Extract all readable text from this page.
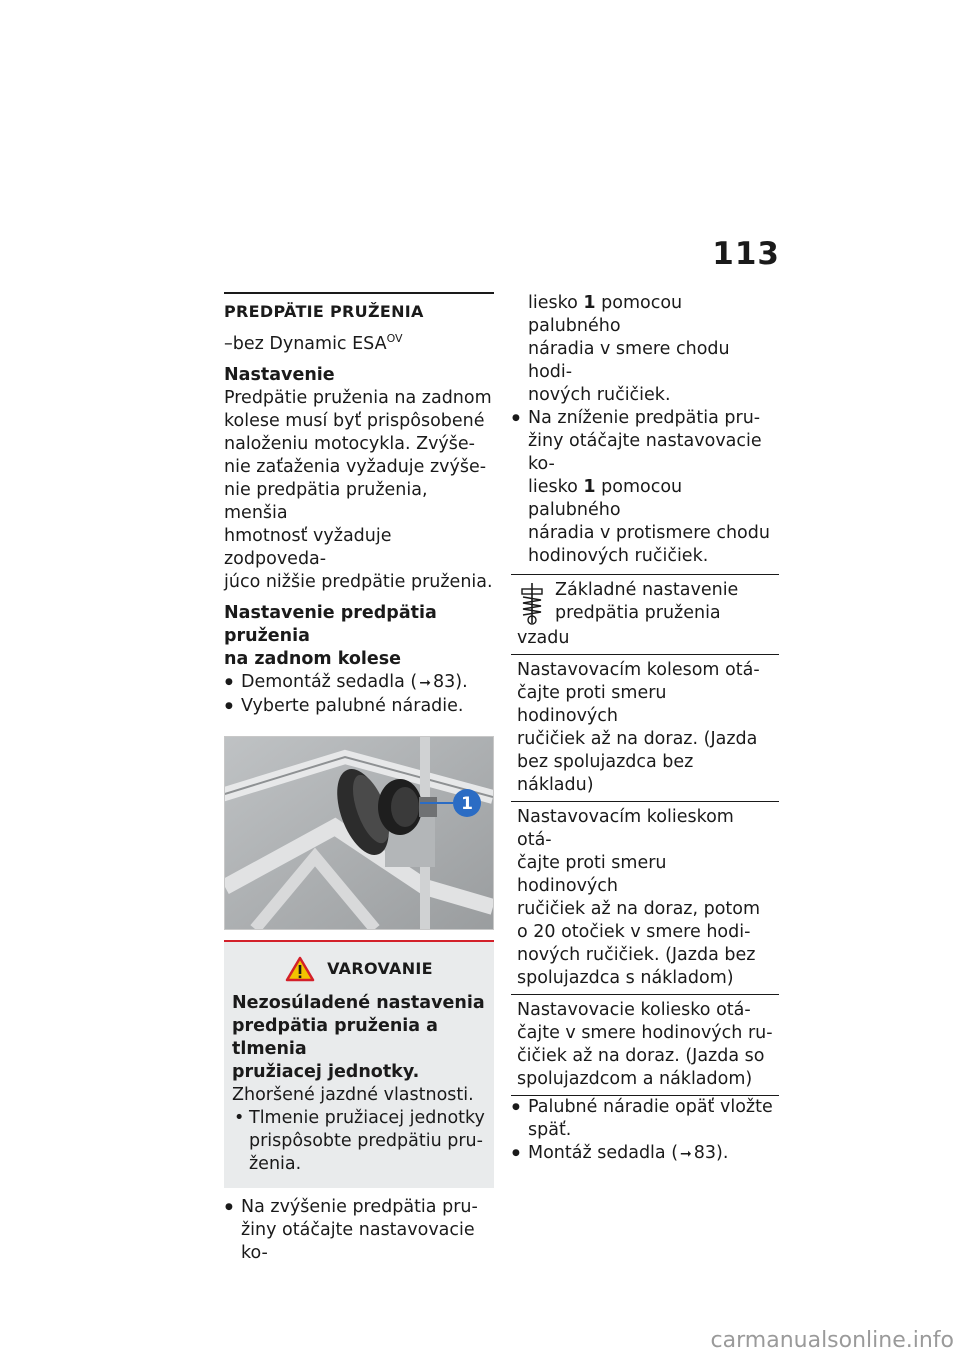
113
PREDPÄTIE PRUŽENIA
–bez Dynamic $ESA^{OV}$
Nastavenie
Predpätie pruženia na zadnom
kolese musí byť prispôsobené
naloženiu motocykla. Zvýše-
nie zaťaženia vyžaduje zvýše-
nie predpätia pruženia, menšia
hmotnosť vyžaduje zodpoveda-
júco nižšie predpätie pruženia.
Nastavenie predpätia pruženia
na zadnom kolese
● Demontáž sedadla ( ➞ 83).
● Vyberte palubné náradie.
1
VAROVANIE
Nezosúladené nastavenia
predpätia pruženia a tlmenia
pružiacej jednotky.
Zhoršené jazdné vlastnosti.
• Tlmenie pružiacej jednotky
prispôsobte predpätiu pru-
ženia.
● Na zvýšenie predpätia pru-
žiny otáčajte nastavovacie ko-
liesko 1 pomocou palubného
náradia v smere chodu hodi-
nových ručičiek.
● Na zníženie predpätia pru-
žiny otáčajte nastavovacie ko-
liesko 1 pomocou palubného
náradia v protismere chodu
hodinových ručičiek.
Základné nastavenie
predpätia pruženia
vzadu
Nastavovacím kolesom otá-
čajte proti smeru hodinových
ručičiek až na doraz. (Jazda
bez spolujazdca bez nákladu)
Nastavovacím kolieskom otá-
čajte proti smeru hodinových
ručičiek až na doraz, potom
o 20 otočiek v smere hodi-
nových ručičiek. (Jazda bez
spolujazdca s nákladom)
Nastavovacie koliesko otá-
čajte v smere hodinových ru-
čičiek až na doraz. (Jazda so
spolujazdcom a nákladom)
● Palubné náradie opäť vložte
späť.
● Montáž sedadla ( ➞ 83).
carmanualsonline.info
